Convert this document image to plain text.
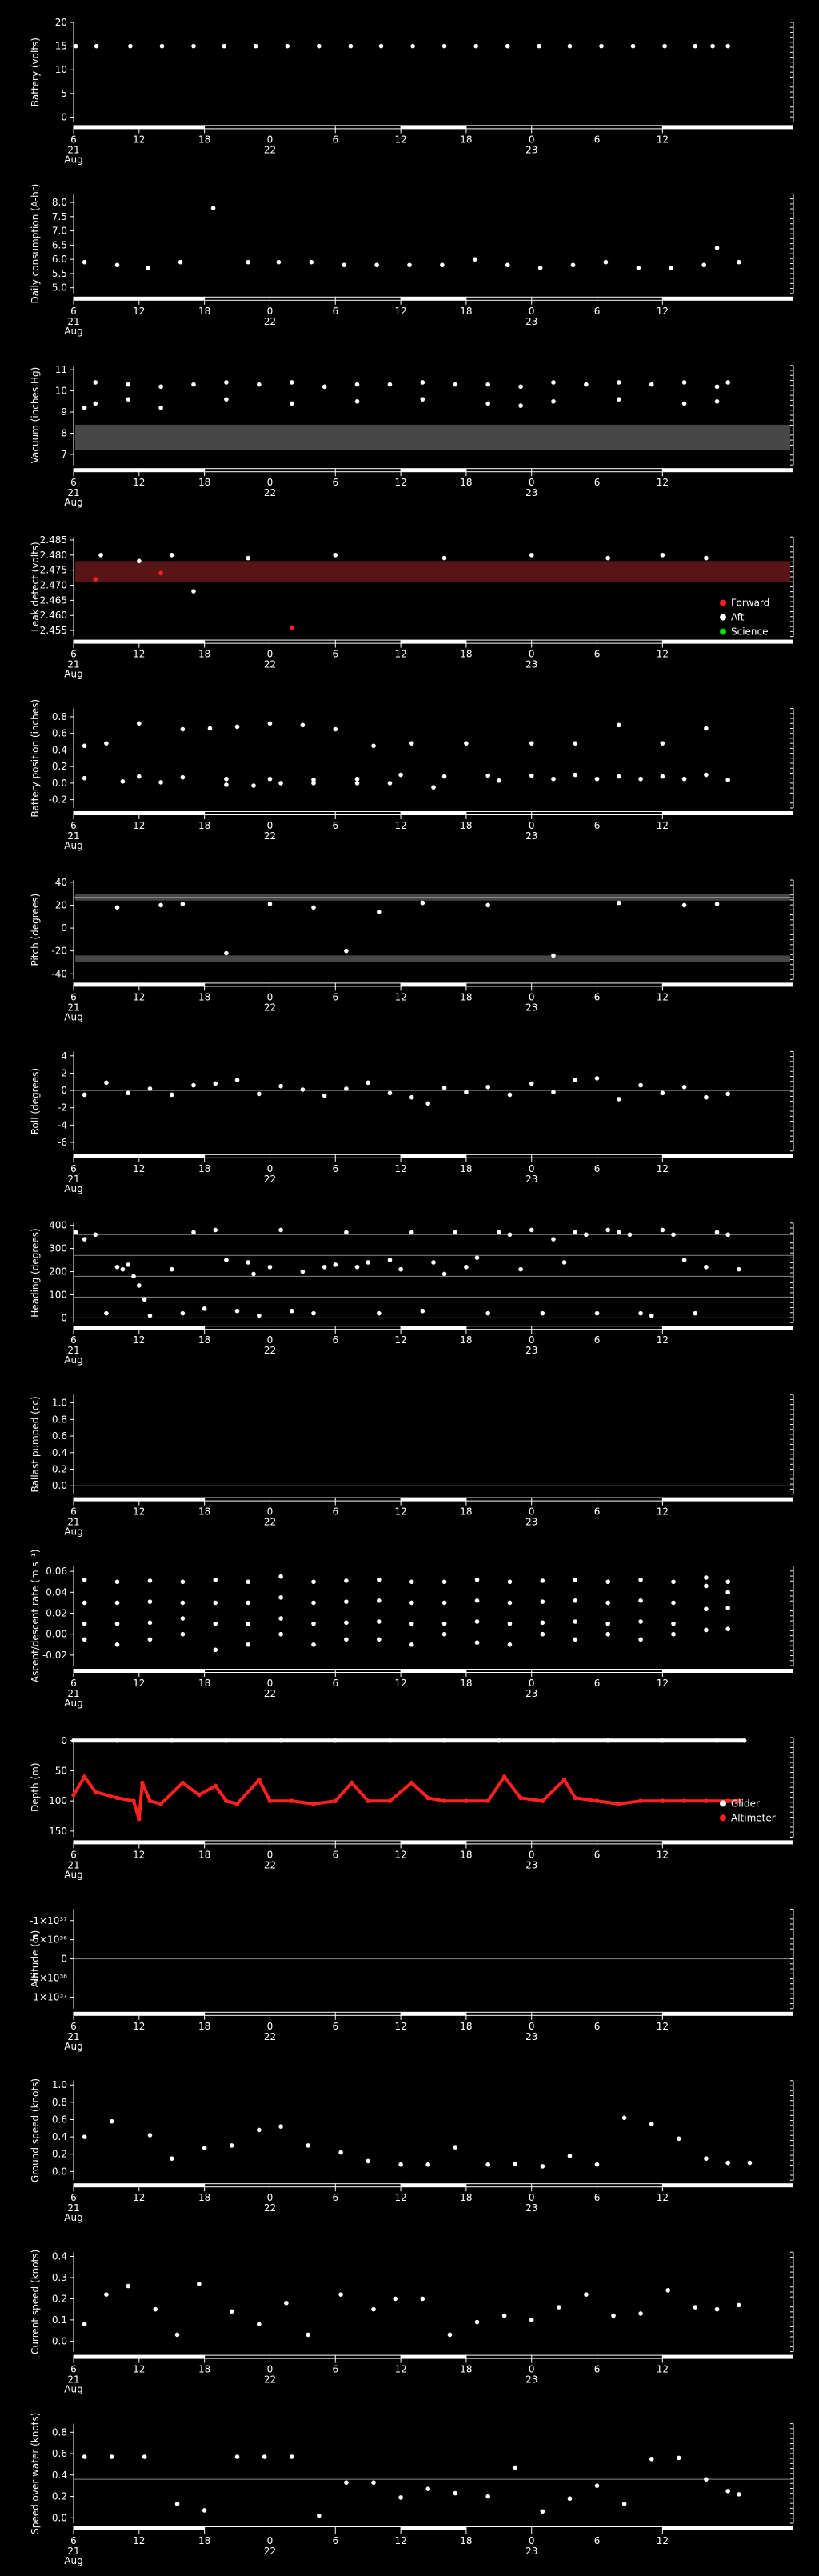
0
5
10
15
20
Battery (volts)
6
21
Aug
12	18	0
22
6	12	18	0
23
6	12
5.0
5.5
6.0
6.5
7.0
7.5
8.0
Daily consumption (A-hr)
6
21
Aug
12	18	0
22
6	12	18	0
23
6	12
7
8
9
10
11
Vacuum (inches Hg)
6
21
Aug
12	18	0
22
6	12	18	0
23
6	12
2.455
2.460
2.465
2.470
2.475
2.480
2.485
Leak detect (volts)
6
21
Aug
12	18	0
22
6	12	18	0
23
6	12
Forward
Aft
Science
-0.2
0.0
0.2
0.4
0.6
0.8
Battery position (inches)
6
21
Aug
12	18	0
22
6	12	18	0
23
6	12
-40
-20
0
20
40
Pitch (degrees)
6
21
Aug
12	18	0
22
6	12	18	0
23
6	12
-6
-4
-2
0
2
4
Roll (degrees)
6
21
Aug
12	18	0
22
6	12	18	0
23
6	12
0
100
200
300
400
Heading (degrees)
6
21
Aug
12	18	0
22
6	12	18	0
23
6	12
0.0
0.2
0.4
0.6
0.8
1.0
Ballast pumped (cc)
6
21
Aug
12	18	0
22
6	12	18	0
23
6	12
-0.02
0.00
0.02
0.04
0.06
Ascent/descent rate (m s⁻¹)
6
21
Aug
12	18	0
22
6	12	18	0
23
6	12
0
50
100
150
Depth (m)
6
21
Aug
12	18	0
22
6	12	18	0
23
6	12
Glider
Altimeter
-1×10³⁷
-5×10³⁶
0
5×10³⁶
1×10³⁷
Altitude (m)
6
21
Aug
12	18	0
22
6	12	18	0
23
6	12
0.0
0.2
0.4
0.6
0.8
1.0
Ground speed (knots)
6
21
Aug
12	18	0
22
6	12	18	0
23
6	12
0.0
0.1
0.2
0.3
0.4
Current speed (knots)
6
21
Aug
12	18	0
22
6	12	18	0
23
6	12
0.0
0.2
0.4
0.6
0.8
Speed over water (knots)
6
21
Aug
12	18	0
22
6	12	18	0
23
6	12
